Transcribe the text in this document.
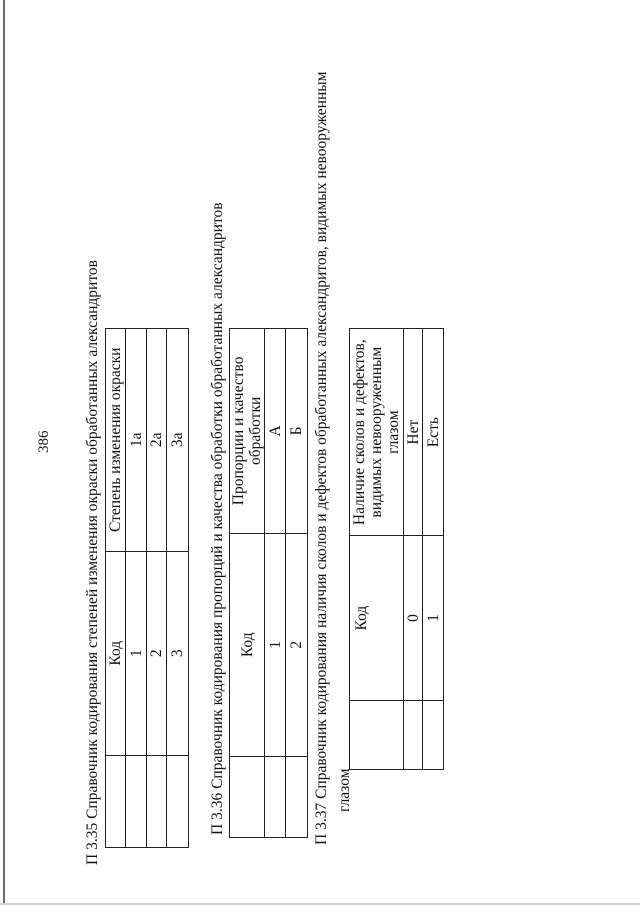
386 П 3.35 Справочник кодирования степеней изменения окраски обработанных александритов
	Код	Степень изменения окраски
	1	1а
	2	2а
	3	3а П 3.36 Справочник кодирования пропорций и качества обработки обработанных александритов
	Код	Пропорции и качество обработки
	1	А
	2	Б П 3.37 Справочник кодирования наличия сколов и дефектов обработанных александритов, видимых невооруженным глазом
	Код	Наличие сколов и дефектов, видимых невооруженным глазом
	0	Нет
	1	Есть
